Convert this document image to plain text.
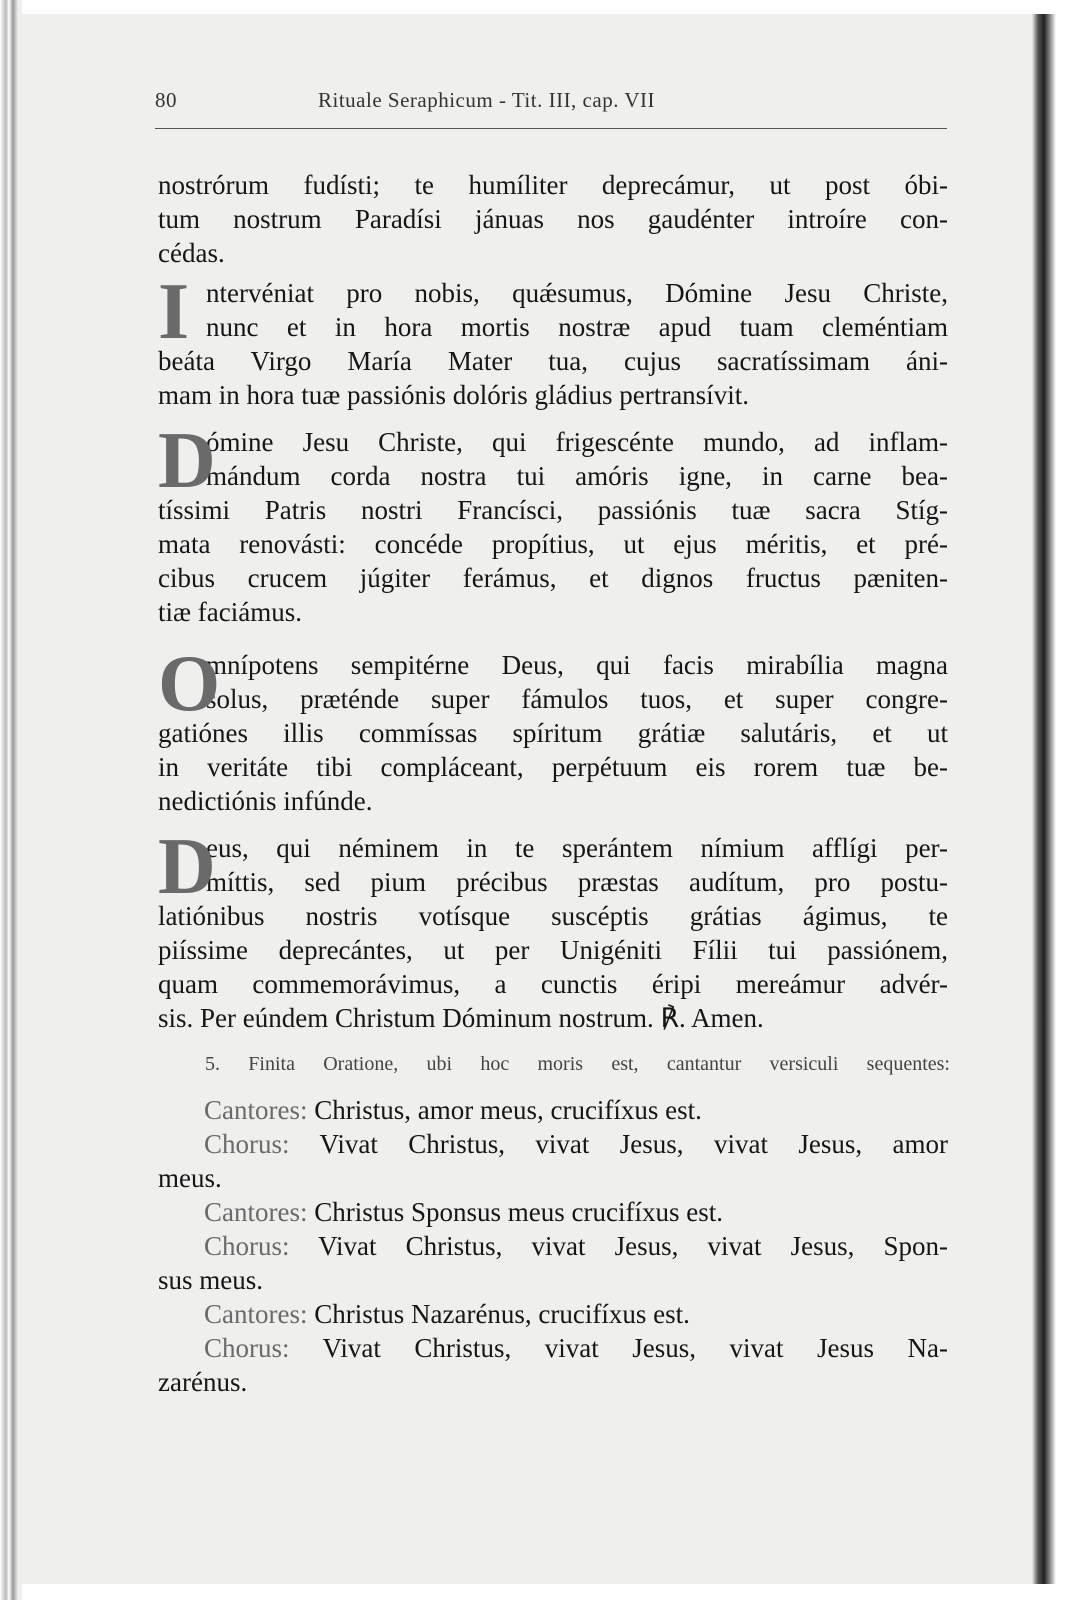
80	Rituale Seraphicum - Tit. III, cap. VII
nostrórum fudísti; te humíliter deprecámur, ut post óbi-
tum nostrum Paradísi jánuas nos gaudénter introíre con-
cédas.
I ntervéniat pro nobis, quǽsumus, Dómine Jesu Christe,
nunc et in hora mortis nostræ apud tuam cleméntiam
beáta Virgo María Mater tua, cujus sacratíssimam áni-
mam in hora tuæ passiónis dolóris gládius pertransívit.
D
ómine Jesu Christe, qui frigescénte mundo, ad inflam-
mándum corda nostra tui amóris igne, in carne bea-
tíssimi Patris nostri Francísci, passiónis tuæ sacra Stíg-
mata renovásti: concéde propítius, ut ejus méritis, et pré-
cibus crucem júgiter ferámus, et dignos fructus pæniten-
tiæ faciámus.
O
mnípotens sempitérne Deus, qui facis mirabília magna
solus, præténde super fámulos tuos, et super congre-
gatiónes illis commíssas spíritum grátiæ salutáris, et ut
in veritáte tibi compláceant, perpétuum eis rorem tuæ be-
nedictiónis infúnde.
D
eus, qui néminem in te sperántem nímium afflígi per-
míttis, sed pium précibus præstas audítum, pro postu-
latiónibus nostris votísque suscéptis grátias ágimus, te
piíssime deprecántes, ut per Unigéniti Fílii tui passiónem,
quam commemorávimus, a cunctis éripi mereámur advér-
sis. Per eúndem Christum Dóminum nostrum. ℟. Amen.
5. Finita Oratione, ubi hoc moris est, cantantur versiculi sequentes:
Cantores: Christus, amor meus, crucifíxus est.
Chorus: Vivat Christus, vivat Jesus, vivat Jesus, amor
meus.
Cantores: Christus Sponsus meus crucifíxus est.
Chorus: Vivat Christus, vivat Jesus, vivat Jesus, Spon-
sus meus.
Cantores: Christus Nazarénus, crucifíxus est.
Chorus: Vivat Christus, vivat Jesus, vivat Jesus Na-
zarénus.
